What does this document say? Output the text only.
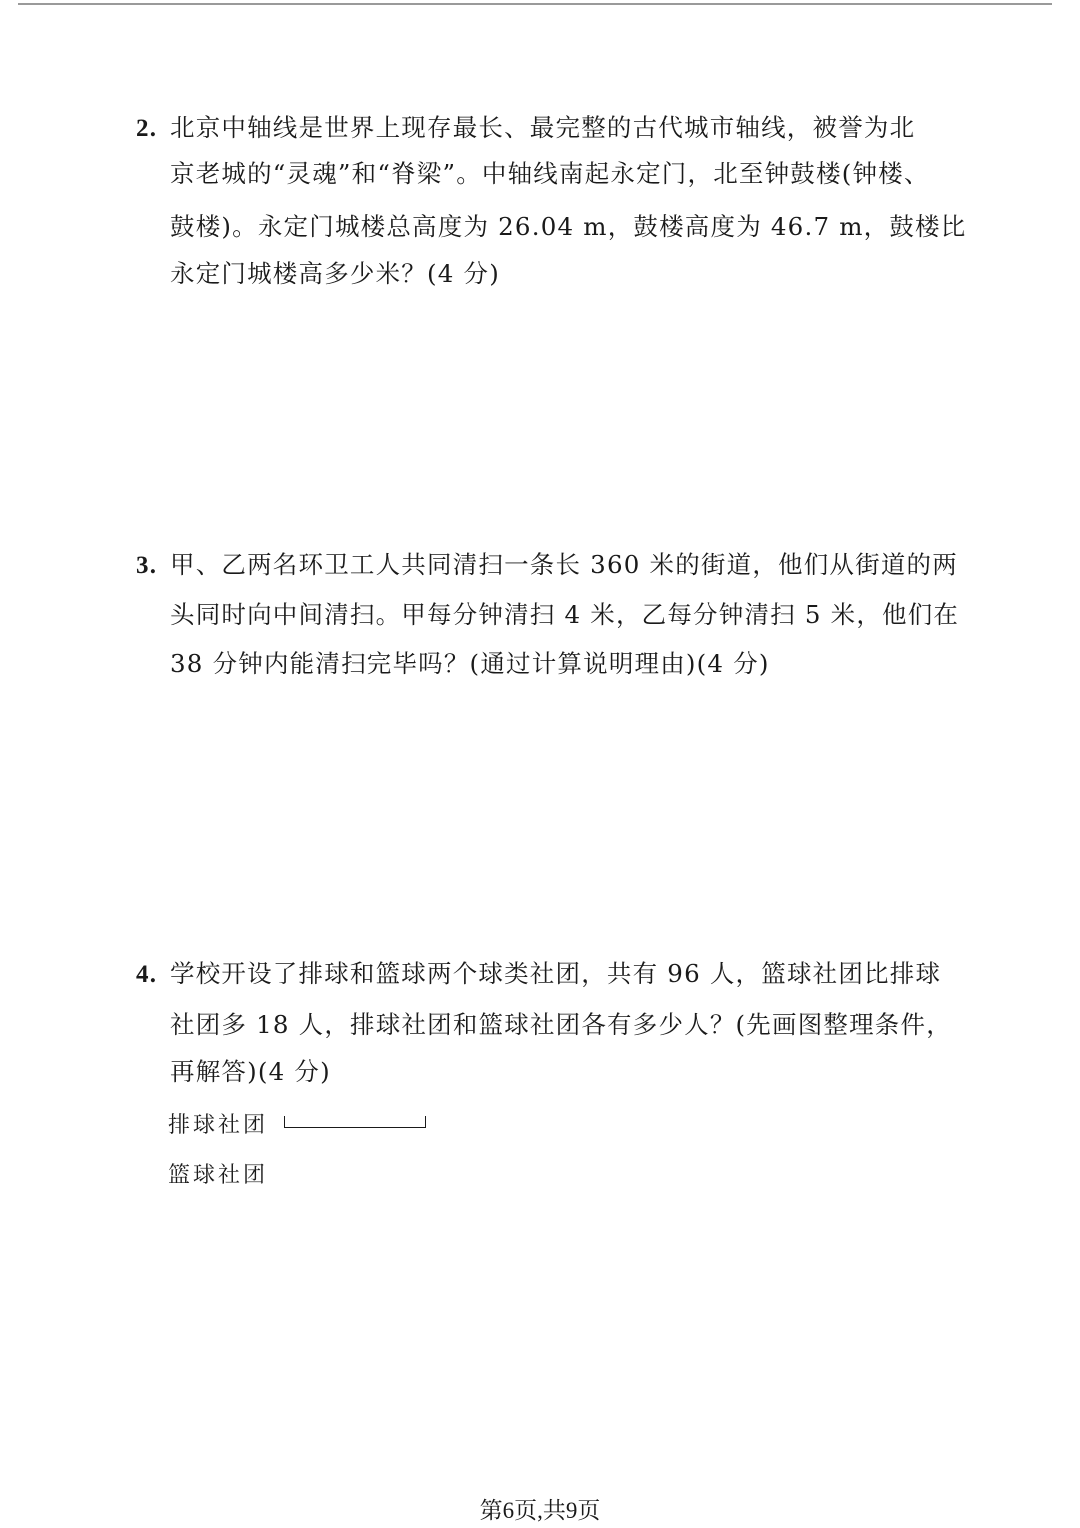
2. 北京中轴线是世界上现存最长、最完整的古代城市轴线，被誉为北
京老城的“灵魂”和“脊梁”。中轴线南起永定门，北至钟鼓楼(钟楼、
鼓楼)。永定门城楼总高度为 26.04 m，鼓楼高度为 46.7 m，鼓楼比
永定门城楼高多少米？(4 分)
3. 甲、乙两名环卫工人共同清扫一条长 360 米的街道，他们从街道的两
头同时向中间清扫。甲每分钟清扫 4 米，乙每分钟清扫 5 米，他们在
38 分钟内能清扫完毕吗？(通过计算说明理由)(4 分)
4. 学校开设了排球和篮球两个球类社团，共有 96 人，篮球社团比排球
社团多 18 人，排球社团和篮球社团各有多少人？(先画图整理条件，
再解答)(4 分)
排球社团
篮球社团
第6页,共9页
